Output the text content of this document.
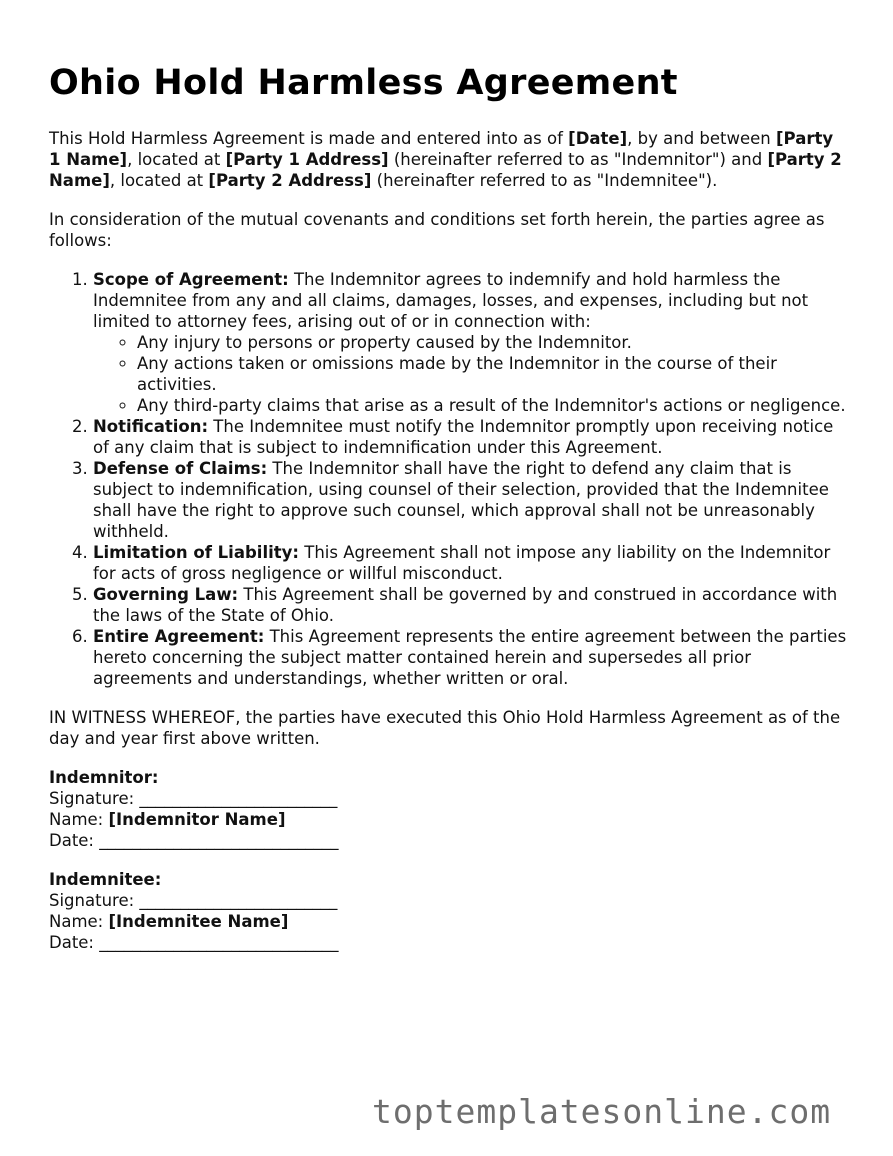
Ohio Hold Harmless Agreement

This Hold Harmless Agreement is made and entered into as of [Date], by and between [Party 1 Name], located at [Party 1 Address] (hereinafter referred to as "Indemnitor") and [Party 2 Name], located at [Party 2 Address] (hereinafter referred to as "Indemnitee").

In consideration of the mutual covenants and conditions set forth herein, the parties agree as follows:

1. Scope of Agreement: The Indemnitor agrees to indemnify and hold harmless the Indemnitee from any and all claims, damages, losses, and expenses, including but not limited to attorney fees, arising out of or in connection with:
◦ Any injury to persons or property caused by the Indemnitor.
◦ Any actions taken or omissions made by the Indemnitor in the course of their activities.
◦ Any third-party claims that arise as a result of the Indemnitor's actions or negligence.
2. Notification: The Indemnitee must notify the Indemnitor promptly upon receiving notice of any claim that is subject to indemnification under this Agreement.
3. Defense of Claims: The Indemnitor shall have the right to defend any claim that is subject to indemnification, using counsel of their selection, provided that the Indemnitee shall have the right to approve such counsel, which approval shall not be unreasonably withheld.
4. Limitation of Liability: This Agreement shall not impose any liability on the Indemnitor for acts of gross negligence or willful misconduct.
5. Governing Law: This Agreement shall be governed by and construed in accordance with the laws of the State of Ohio.
6. Entire Agreement: This Agreement represents the entire agreement between the parties hereto concerning the subject matter contained herein and supersedes all prior agreements and understandings, whether written or oral.

IN WITNESS WHEREOF, the parties have executed this Ohio Hold Harmless Agreement as of the day and year first above written.

Indemnitor:
Signature: ________________________
Name: [Indemnitor Name]
Date: _____________________________
Indemnitee:
Signature: ________________________
Name: [Indemnitee Name]
Date: _____________________________
toptemplatesonline.com
